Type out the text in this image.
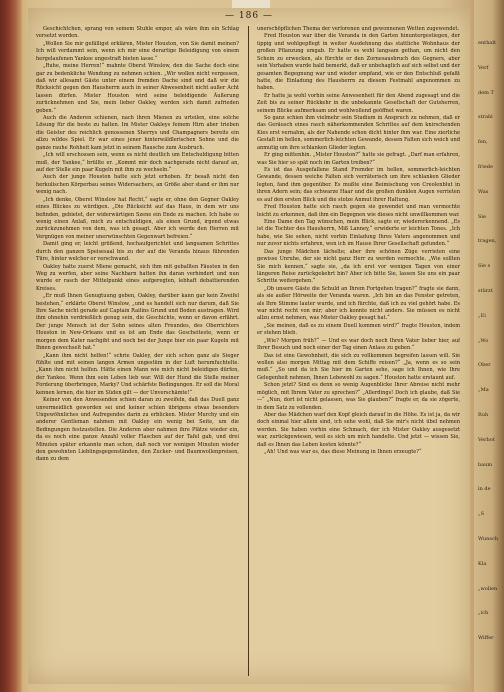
— 186 —

Geschichtchen, sprang von seinem Stuhle empor, als wäre ihm ein Schlag versetzt worden.

„Wollen Sie mir gefälligst erklären, Mister Houston, von Sie damit meinen? Ich will verdammt sein, wenn ich mir eine derartige Beleidigung von einem hergelaufenen Yankee ungestraft bieten lasse.“

„Ruhe, meine Herren!“ mahnte Oberst Winslow, den die Sache doch eine gar zu bedenkliche Wendung zu nehmen schien. „Wir wollen nicht vergessen, daß wir allesamt Gäste unter einem fremden Dache sind und daß wir die Rücksicht gegen den Hausherrn auch in seiner Abwesenheit nicht außer Acht lassen dürfen. Mister Houston wird seine beleidigende Äußerung zurücknehmen und Sie, mein lieber Oakley, werden sich damit zufrieden geben.“

Auch die Anderen schienen, nach ihren Mienen zu urteilen, eine solche Lösung für die beste zu halten. Im Mister Oakleys feinem Hirn aber trieben die Geister des reichlich genossenen Sherrys und Champagners bereits ein allzu wildes Spiel. Er war eines jener hinterwäldlerischen Sohne und die ganze rauhe Rohheit kam jetzt in seinem Rausche zum Ausbruch.

„Ich will erschossen sein, wenn es nicht deutlich um Entschuldigung bitten muß, der Yankee,“ brüllte er. „Kommt mir doch nachgerade nicht darauf an, auf der Stelle ein paar Kugeln mit ihm zu wechseln.“

Auch der junge Houston hatte sich jetzt erhoben. Er besaß nicht den herkulischen Körperbau seines Widersachers, an Größe aber stand er ihm nur wenig nach.

„Ich denke, Oberst Winslow hat Recht,“ sagte er, ohne den Gegner Oakley eines Blickes zu würdigen. „Die Rücksicht auf das Haus, in dem wir uns befinden, gebietet, der widerwärtigen Szene ein Ende zu machen. Ich habe so wenig einen Anlaß, mich zu entschuldigen, als einen Grund, irgend etwas zurückzunehmen von dem, was ich gesagt. Aber ich werde den Herren mit Vergnügen von meiner unerwünschten Gegenwart befreien.“

Damit ging er, leicht grüßend, hochaufgerichtet und langsamen Schrittes durch den ganzen Speisesaal bis zu der auf die Veranda hinaus führenden Türe, hinter welcher er verschwand.

Oakley hatte zuerst Miene gemacht, sich ihm mit geballten Fäusten in den Weg zu werfen, aber seine Nachbarn hatten ihn daran verhindert und nun wurde er rasch der Mittelpunkt eines aufgeregten, lebhaft debattierenden Kreises.

„Er muß Ihnen Genugtuung geben, Oakley, darüber kann gar kein Zweifel bestehen,“ erklärte Oberst Winslow, „und es handelt sich nur darum, daß Sie Ihre Sache nicht gerade auf Captain Railins Grund und Boden austragen. Wird ihm ohnehin verdrießlich genug sein, die Geschichte, wenn er davon erfährt. Der junge Mensch ist der Sohn seines alten Freundes, des Oberrichters Houston in New-Orleans und es ist am Ende das Gescheiteste, wenn er morgen dem Kater nachgibt und noch bei der Junge bier ein paar Kugeln mit Ihnen gewechselt hat.“

„Kann ihm nicht helfen!“ schrie Oakley, der sich schon ganz als Sieger fühlte und mit seinen langen Armen ungestüm in der Luft herumfuchtelte. „Kann ihm nicht helfen. Hätte einen Mann wie mich nicht beleidigen dürfen, der Yankee. Wenn ihm sein Leben lieb war. Will der Hund die Stelle meiner Forderung überbringen, Marky? Und schärfste Bedingungen. Er soll die Moral kennen lernen, die hier im Süden gilt — der Unverschämte!“

Keiner von den Anwesenden schien daran zu zweifeln, daß das Duell ganz unvermeidlich geworden sei und keiner schien übrigens etwas besonders Ungewöhnliches und Aufregendes darin zu erblicken. Mister Murchy und ein anderer Gentleman nahmen mit Oakley ein wenig bei Seite, um die Bedingungen festzustellen. Die Anderen aber nahmen ihre Plätze wieder ein, da es noch eine ganze Anzahl voller Flaschen auf der Tafel gab, und drei Minuten später erkannte man schon, daß noch vor wenigen Minuten wieder den gewohnten Lieblingsgegenständen, den Zucker- und Baumwollenpreisen, dann zu dem

unerschöpflichen Thema der verlorenen und gewonnenen Wetten zugewendet.

Fred Houston war über die Veranda in den Garten hinuntergestiegen, der üppig und wohlgepflegt in weiter Ausdehnung das stattliche Wohnhaus der großen Pflanzung umgab. Er hatte es wohl langsam gethan, um nicht den Schein zu erwecken, als fürchte er den Zornesausbruch des Gegners, aber sein Vorhaben wurde bald bemerkt, daß er unbehaglich auf sich selbst und der gesamten Begegnung war und wieder empfand, wie er den Entschluß gefaßt hatte, die Einladung des Hausherrn zu diesem Festmahl angenommen zu haben.

Er hatte ja wohl vorhin seine Anwesenheit für den Abend zugesagt und die Zeit bis zu seiner Rückkehr in die unbekannte Gesellschaft der Gutsherren, seinem Blicke aufmerksam und wohlwollend geöffnet waren.

So ganz schien ihm vielmehr sein Studium in Anspruch zu nehmen, daß er das Geräusch eines rasch näherkommenden Schrittes auf dem knirschenden Kies erst vernahm, als der Nahende schon dicht hinter ihm war. Eine zierliche Gestalt im hellen, sommerlich-leichten Gewande, dessen Falten sich weich und anmutig um ihre schlanken Glieder legten.

Er ging mittenhin. „Mister Houston?“ hatte sie gefragt. „Darf man erfahren, was Sie hier so spät noch im Garten treiben?“

Es ist das Ausgefallene Stand Fremder im hellen, sommerlich-leichten Gewande, dessen weiche Falten sich verräterisch um ihre schlanken Glieder legten, fand ihm gegenüber. Es mußte eine Beimischung von Creolenblut in ihren Adern sein; das schwarze Haar und die großen dunklen Augen verrieten es auf den ersten Blick und die stolze Anmut ihrer Haltung.

Fred Houston hatte sich rasch gegen sie gewendet und man vermochte leicht zu erkennen, daß ihm ein Begegnen wie dieses nicht unwillkommen war.

Eine Dame den Tag wünschen, mein Blick, sagte er, wiedererkennend. „Es ist die Tochter des Hausherrn, Miß Lanney,“ erwiderte er leichten Tones. „Ich habe, wie Sie sehen, nicht vorhin Einladung Ihres Vaters angenommen und nur zuvor nichts erfahren, wen ich im Hause Ihrer Gesellschaft gefunden.“

Das junge Mädchen lächelte; aber ihre schönen Züge verrieten eine gewisse Unruhe, der sie nicht ganz Herr zu werden vermochte. „Wie sollten Sie mich kennen,“ sagte sie, „da ich erst vor wenigen Tagen von einer längeren Reise zurückgekehrt bin? Aber ich bitte Sie, lassen Sie uns ein paar Schritte weitergehen.“

„Ob unsere Gäste die Schuld an Ihrem Fortgehen tragen?“ fragte sie dann, als sie außer Hörweite der Veranda waren. „Ich bin an das Fenster getreten, als Ihre Stimme lauter wurde, und ich fürchte, daß ich zu viel gehört habe. Es war nicht recht von mir; aber ich konnte nicht anders. Sie müssen es nicht allzu ernst nehmen, was Mister Oakley gesagt hat.“

„Sie meinen, daß es zu einem Duell kommen wird?“ fragte Houston, indem er stehen blieb.

„Wie? Morgen früh?“ — Und es war doch noch Ihren Vater lieber hier, auf Ihrer Besuch und noch einer der Tag einen Anlass zu geben.“

Das ist eine Gewohnheit, die sich zu vollkommen begreifen lassen will. Sie wollen also morgen Mittag mit dem Schiffe reisen?“ „Ja, wenn es so sein muß.“ „So und da ich Sie hier im Garten sehe, sage ich Ihnen, wie Ihre Gelegenheit nehmen, Ihnen Lebewohl zu sagen.“ Houston hatte erstaunt auf.

Schon jetzt? Sind es denn so wenig Augenblicke Ihrer Abreise nicht mehr möglich, mit Ihrem Vater zu sprechen?“ „Allerdings! Doch ich glaube, daß Sie —“ „Nun, dort ist nicht gelassen, was Sie glauben?“ fragte er, da sie zögerte, in dem Satz zu vollenden.

Aber das Mädchen warf den Kopf gleich darauf in die Höhe. Es ist ja, da wir doch einmal hier allein sind, ich sehe wohl, daß Sie mir's nicht übel nehmen werden. Sie haben vorhin eine Schmach, der ich Mister Oakley ausgesetzt war, zurückgewiesen, weil es sich um mich handelte. Und jetzt — wissen Sie, daß es Ihnen das Leben kosten könnte?“

„Ah! Und was war es, das diese Meinung in Ihnen erzeugte?“

enthalt
Verf
dem T
strahl
fen,
friede
Was
Sie
tragen,
Sie s
stürzt
„Ei
„Wo
Ober
„Ma
Ruh
Verbot
baum
in de
„S
Wunsch
Kla
„wollen
„ich
Wiffer
